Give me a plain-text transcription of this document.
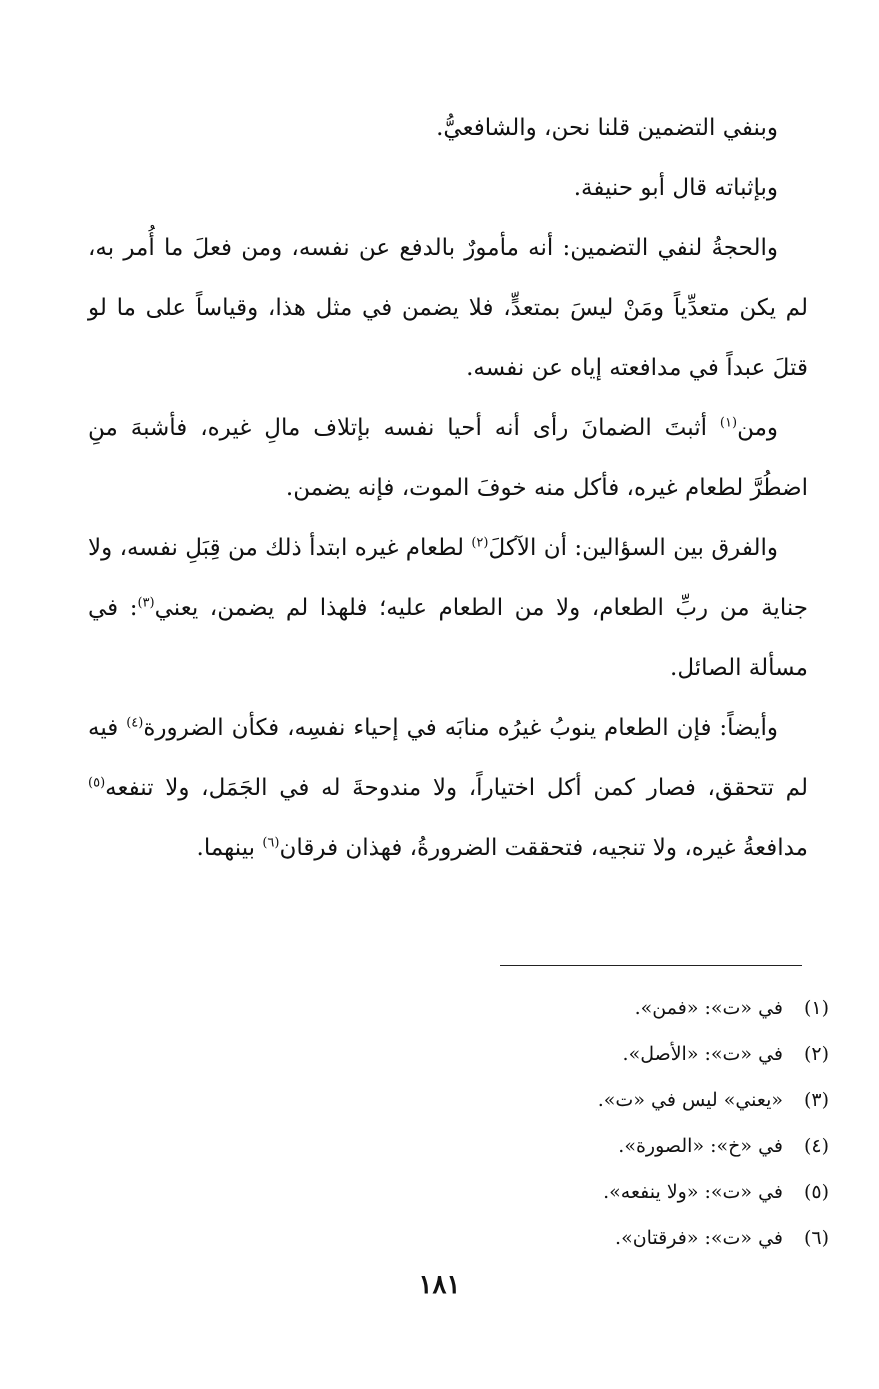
وبنفي التضمين قلنا نحن، والشافعيُّ.

وبإثباته قال أبو حنيفة.

والحجةُ لنفي التضمين: أنه مأمورٌ بالدفع عن نفسه، ومن فعلَ ما أُمر به، لم يكن متعدِّياً ومَنْ ليسَ بمتعدٍّ، فلا يضمن في مثل هذا، وقياساً على ما لو قتلَ عبداً في مدافعته إياه عن نفسه.

ومن$^{(١)}$ أثبتَ الضمانَ رأى أنه أحيا نفسه بإتلاف مالِ غيره، فأشبهَ منِ اضطُرَّ لطعام غيره، فأكل منه خوفَ الموت، فإنه يضمن.

والفرق بين السؤالين: أن الآكلَ$^{(٢)}$ لطعام غيره ابتدأ ذلك من قِبَلِ نفسه، ولا جناية من ربِّ الطعام، ولا من الطعام عليه؛ فلهذا لم يضمن، يعني$^{(٣)}$: في مسألة الصائل.

وأيضاً: فإن الطعام ينوبُ غيرُه منابَه في إحياء نفسِه، فكأن الضرورة$^{(٤)}$ فيه لم تتحقق، فصار كمن أكل اختياراً، ولا مندوحةَ له في الجَمَل، ولا تنفعه$^{(٥)}$ مدافعةُ غيره، ولا تنجيه، فتحققت الضرورةُ، فهذان فرقان$^{(٦)}$ بينهما.

(١)في «ت»: «فمن».
(٢)في «ت»: «الأصل».
(٣)«يعني» ليس في «ت».
(٤)في «خ»: «الصورة».
(٥)في «ت»: «ولا ينفعه».
(٦)في «ت»: «فرقتان».
١٨١
